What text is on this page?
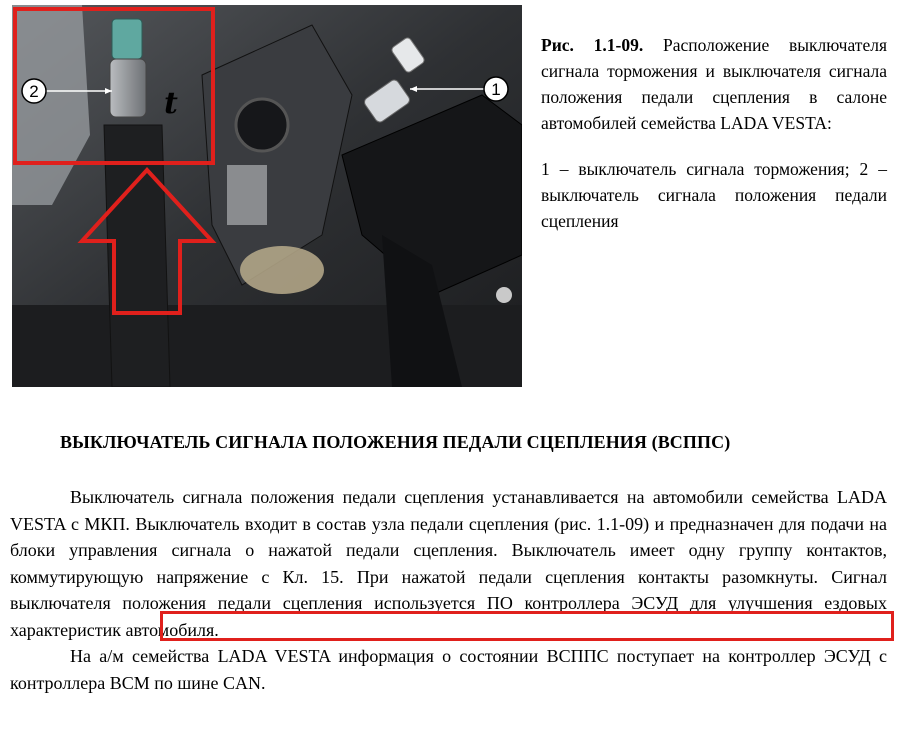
2	t	1

Рис. 1.1-09. Расположение выключателя сигнала торможения и выключателя сигнала положения педали сцепления в салоне автомобилей семейства LADA VESTA:

1 – выключатель сигнала торможения; 2 – выключатель сигнала положения педали сцепления

ВЫКЛЮЧАТЕЛЬ СИГНАЛА ПОЛОЖЕНИЯ ПЕДАЛИ СЦЕПЛЕНИЯ (ВСППС)

Выключатель сигнала положения педали сцепления устанавливается на автомобили семейства LADA VESTA с МКП. Выключатель входит в состав узла педали сцепления (рис. 1.1-09) и предназначен для подачи на блоки управления сигнала о нажатой педали сцепления. Выключатель имеет одну группу контактов, коммутирующую напряжение с Кл. 15. При нажатой педали сцепления контакты разомкнуты. Сигнал выключателя положения педали сцепления используется ПО контроллера ЭСУД для улучшения ездовых характеристик автомобиля.

На а/м семейства LADA VESTA информация о состоянии ВСППС поступает на контроллер ЭСУД с контроллера BCM по шине CAN.
